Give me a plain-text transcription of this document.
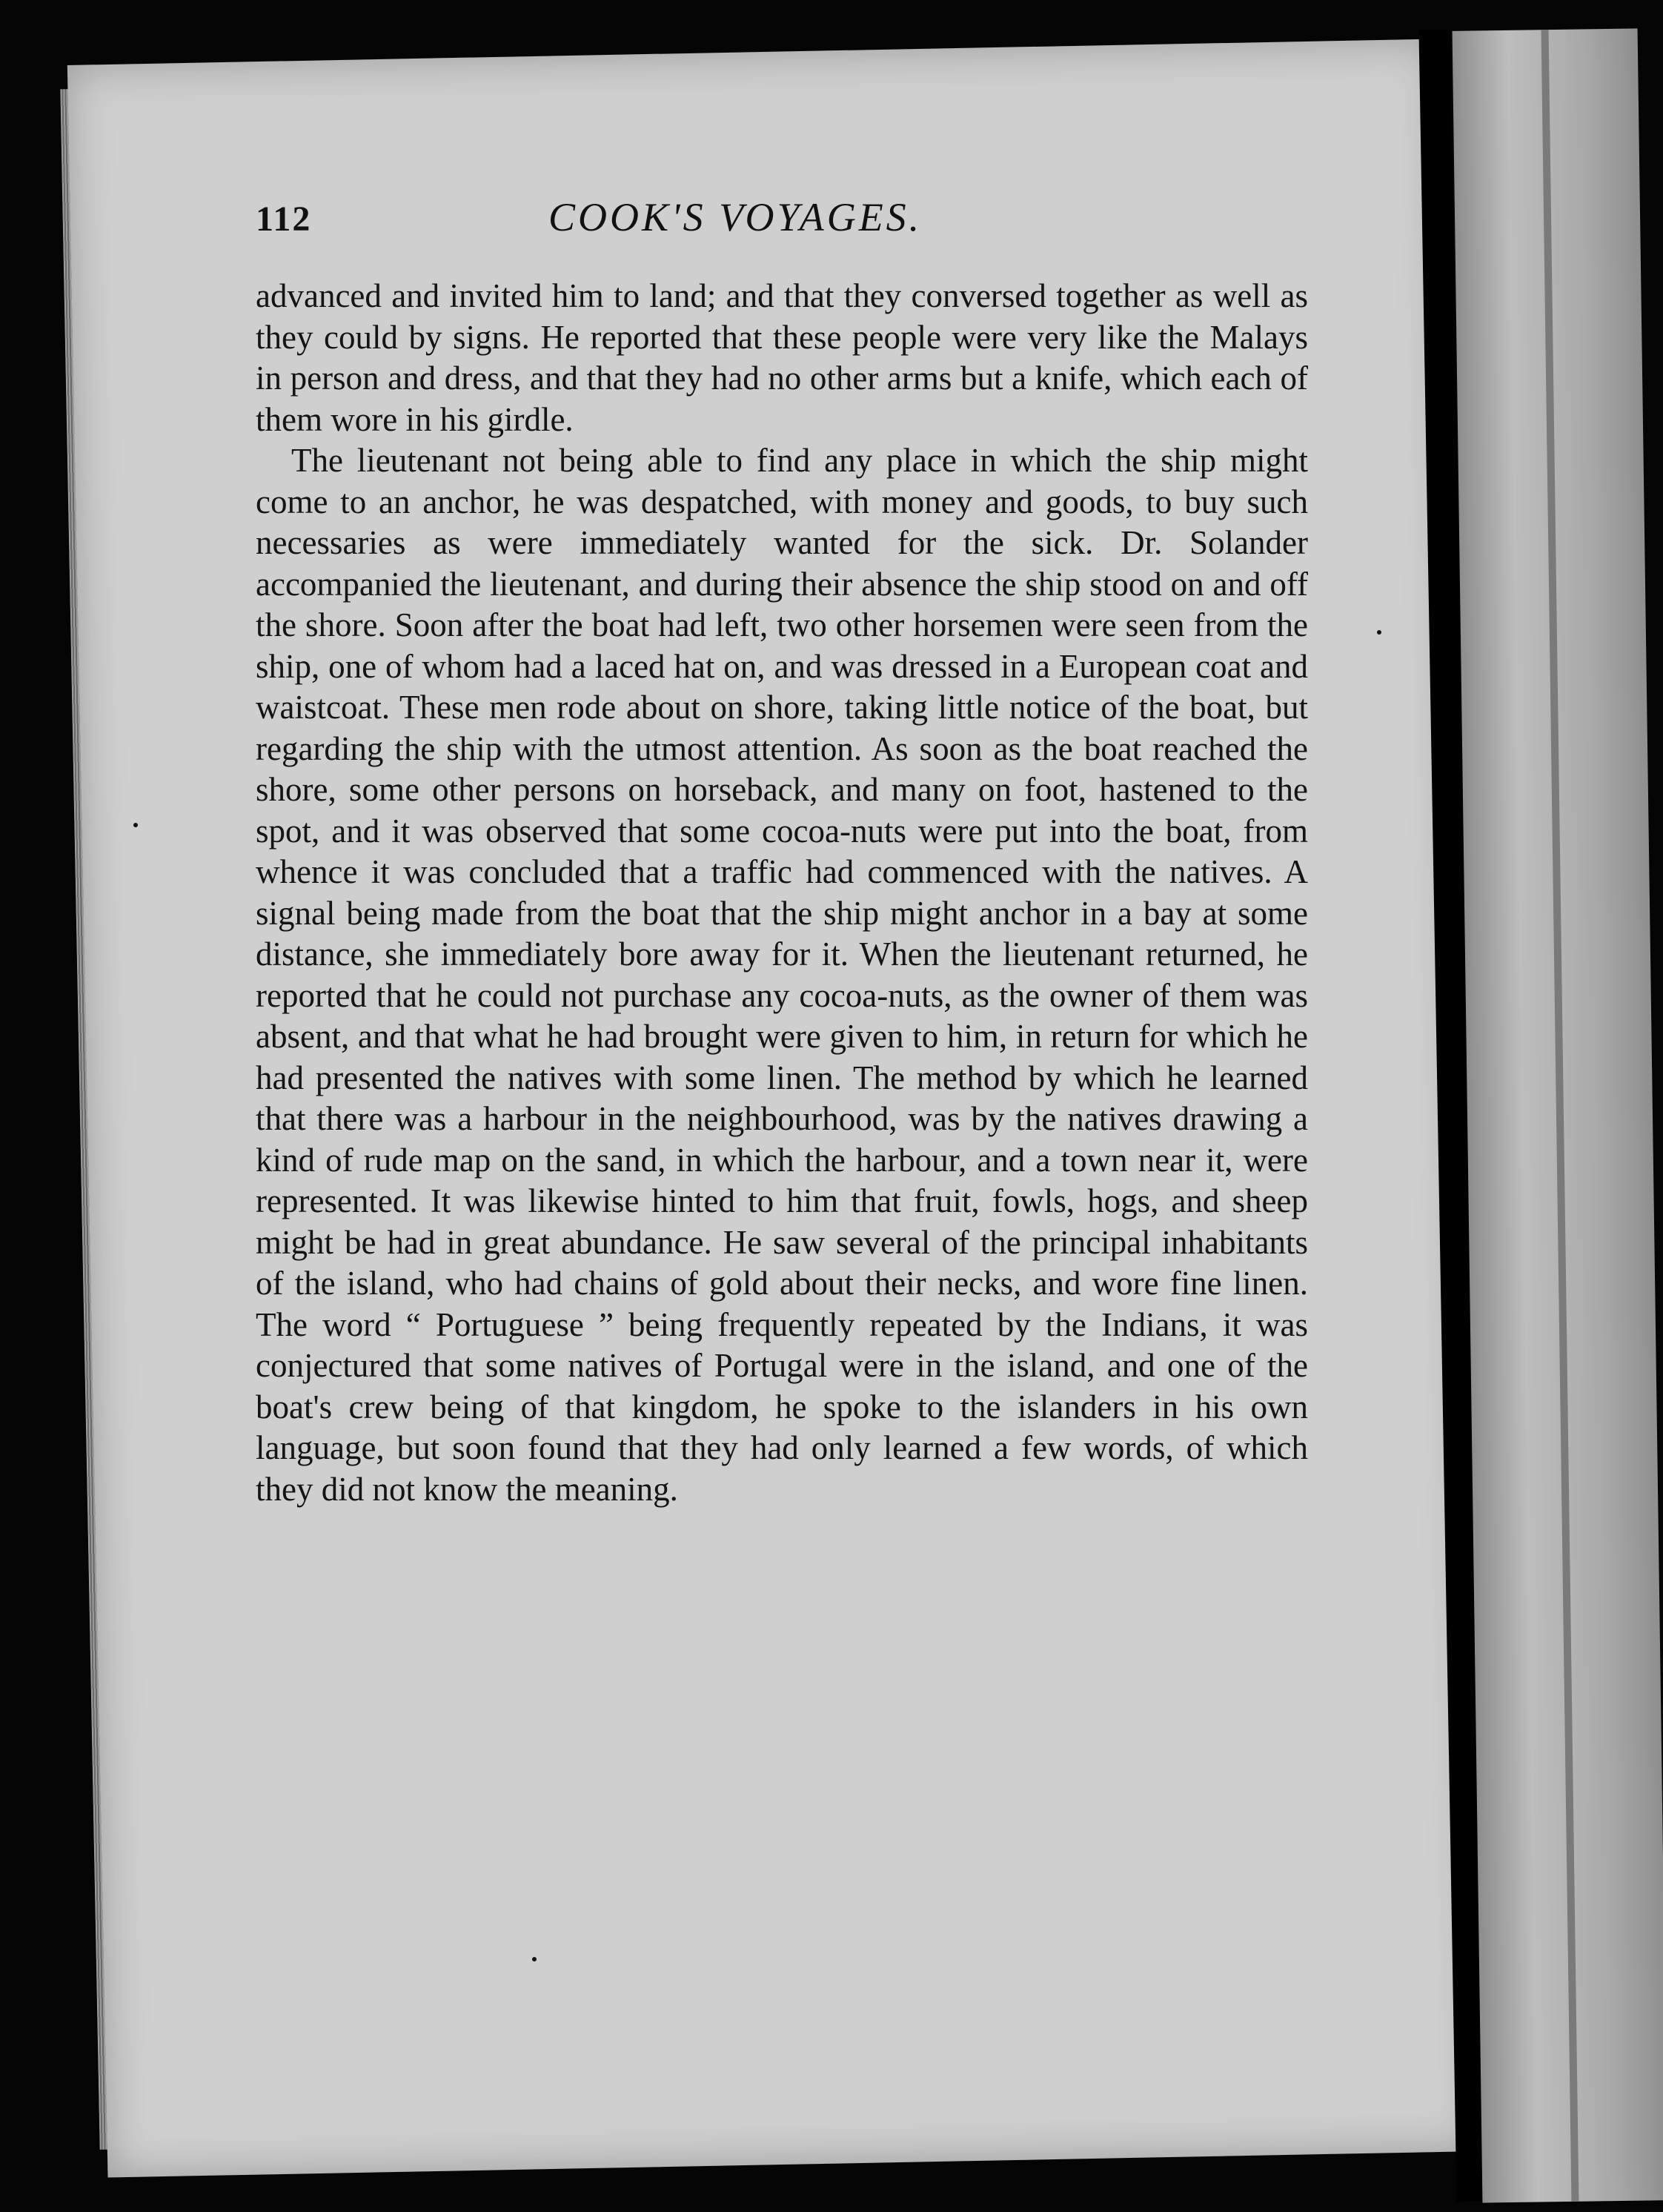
112	COOK'S VOYAGES.

advanced and invited him to land; and that they conversed together as well as they could by signs. He reported that these people were very like the Malays in person and dress, and that they had no other arms but a knife, which each of them wore in his girdle.

The lieutenant not being able to find any place in which the ship might come to an anchor, he was despatched, with money and goods, to buy such necessaries as were immediately wanted for the sick. Dr. Solander accompanied the lieutenant, and during their absence the ship stood on and off the shore. Soon after the boat had left, two other horsemen were seen from the ship, one of whom had a laced hat on, and was dressed in a European coat and waistcoat. These men rode about on shore, taking little notice of the boat, but regarding the ship with the utmost attention. As soon as the boat reached the shore, some other persons on horseback, and many on foot, hastened to the spot, and it was observed that some cocoa-nuts were put into the boat, from whence it was concluded that a traffic had commenced with the natives. A signal being made from the boat that the ship might anchor in a bay at some distance, she immediately bore away for it. When the lieutenant returned, he reported that he could not purchase any cocoa-nuts, as the owner of them was absent, and that what he had brought were given to him, in return for which he had presented the natives with some linen. The method by which he learned that there was a harbour in the neighbourhood, was by the natives drawing a kind of rude map on the sand, in which the harbour, and a town near it, were represented. It was likewise hinted to him that fruit, fowls, hogs, and sheep might be had in great abundance. He saw several of the principal inhabitants of the island, who had chains of gold about their necks, and wore fine linen. The word “ Portuguese ” being frequently repeated by the Indians, it was conjectured that some natives of Portugal were in the island, and one of the boat's crew being of that kingdom, he spoke to the islanders in his own language, but soon found that they had only learned a few words, of which they did not know the meaning.
